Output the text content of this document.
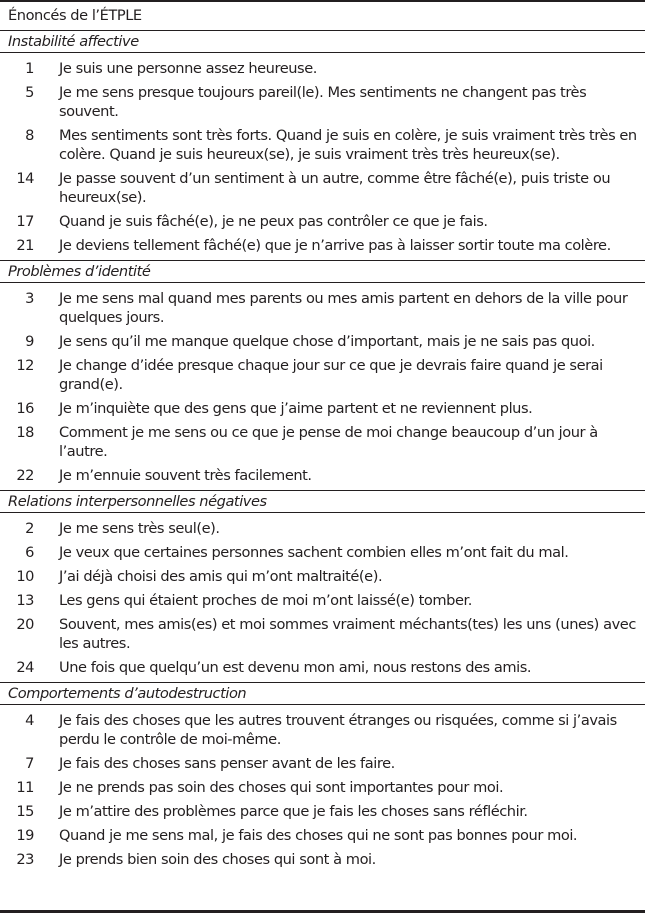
Énoncés de l’ÉTPLE
Instabilité affective
1 Je suis une personne assez heureuse.
5 Je me sens presque toujours pareil(le). Mes sentiments ne changent pas très souvent.
8 Mes sentiments sont très forts. Quand je suis en colère, je suis vraiment très très en colère. Quand je suis heureux(se), je suis vraiment très très heureux(se).
14 Je passe souvent d’un sentiment à un autre, comme être fâché(e), puis triste ou heureux(se).
17 Quand je suis fâché(e), je ne peux pas contrôler ce que je fais.
21 Je deviens tellement fâché(e) que je n’arrive pas à laisser sortir toute ma colère.
Problèmes d’identité
3 Je me sens mal quand mes parents ou mes amis partent en dehors de la ville pour quelques jours.
9 Je sens qu’il me manque quelque chose d’important, mais je ne sais pas quoi.
12 Je change d’idée presque chaque jour sur ce que je devrais faire quand je serai grand(e).
16 Je m’inquiète que des gens que j’aime partent et ne reviennent plus.
18 Comment je me sens ou ce que je pense de moi change beaucoup d’un jour à l’autre.
22 Je m’ennuie souvent très facilement.
Relations interpersonnelles négatives
2 Je me sens très seul(e).
6 Je veux que certaines personnes sachent combien elles m’ont fait du mal.
10 J’ai déjà choisi des amis qui m’ont maltraité(e).
13 Les gens qui étaient proches de moi m’ont laissé(e) tomber.
20 Souvent, mes amis(es) et moi sommes vraiment méchants(tes) les uns (unes) avec les autres.
24 Une fois que quelqu’un est devenu mon ami, nous restons des amis.
Comportements d’autodestruction
4 Je fais des choses que les autres trouvent étranges ou risquées, comme si j’avais perdu le contrôle de moi-même.
7 Je fais des choses sans penser avant de les faire.
11 Je ne prends pas soin des choses qui sont importantes pour moi.
15 Je m’attire des problèmes parce que je fais les choses sans réfléchir.
19 Quand je me sens mal, je fais des choses qui ne sont pas bonnes pour moi.
23 Je prends bien soin des choses qui sont à moi.
